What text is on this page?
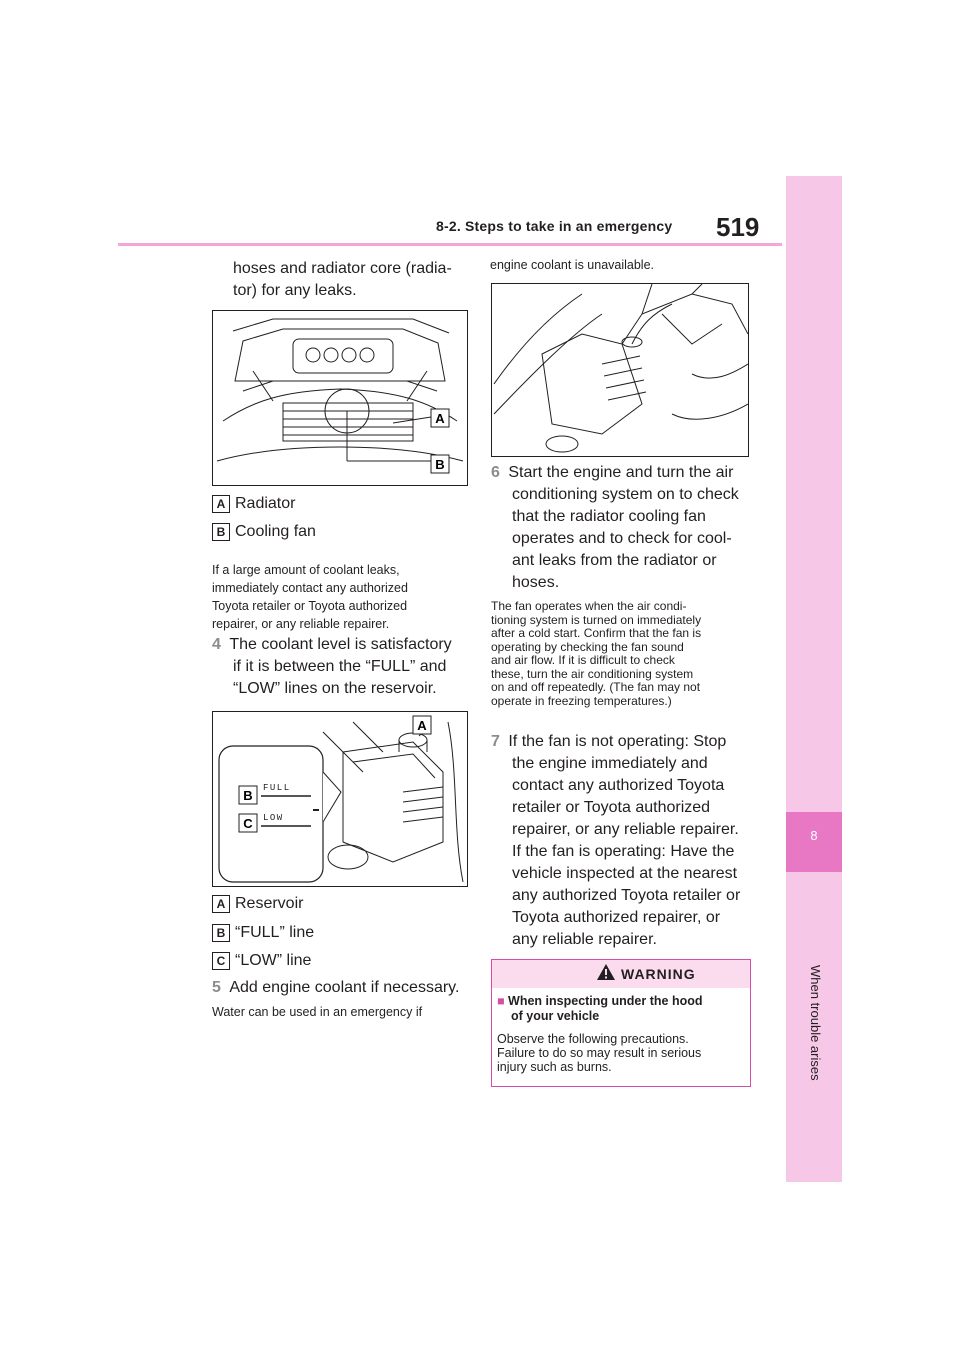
8-2. Steps to take in an emergency 519
8
When trouble arises
hoses and radiator core (radia-
tor) for any leaks.
A
B
A Radiator
B Cooling fan
If a large amount of coolant leaks,
immediately contact any authorized
Toyota retailer or Toyota authorized
repairer, or any reliable repairer.
4 The coolant level is satisfactory
if it is between the “FULL” and
“LOW” lines on the reservoir.
FULL
LOW
B
C
A
A Reservoir
B “FULL” line
C “LOW” line
5 Add engine coolant if necessary.
Water can be used in an emergency if
engine coolant is unavailable.
6 Start the engine and turn the air
conditioning system on to check
that the radiator cooling fan
operates and to check for cool-
ant leaks from the radiator or
hoses.
The fan operates when the air condi-
tioning system is turned on immediately
after a cold start. Confirm that the fan is
operating by checking the fan sound
and air flow. If it is difficult to check
these, turn the air conditioning system
on and off repeatedly. (The fan may not
operate in freezing temperatures.)
7 If the fan is not operating: Stop
the engine immediately and
contact any authorized Toyota
retailer or Toyota authorized
repairer, or any reliable repairer.
If the fan is operating: Have the
vehicle inspected at the nearest
any authorized Toyota retailer or
Toyota authorized repairer, or
any reliable repairer.
WARNING
■ When inspecting under the hood
of your vehicle
Observe the following precautions.
Failure to do so may result in serious
injury such as burns.
